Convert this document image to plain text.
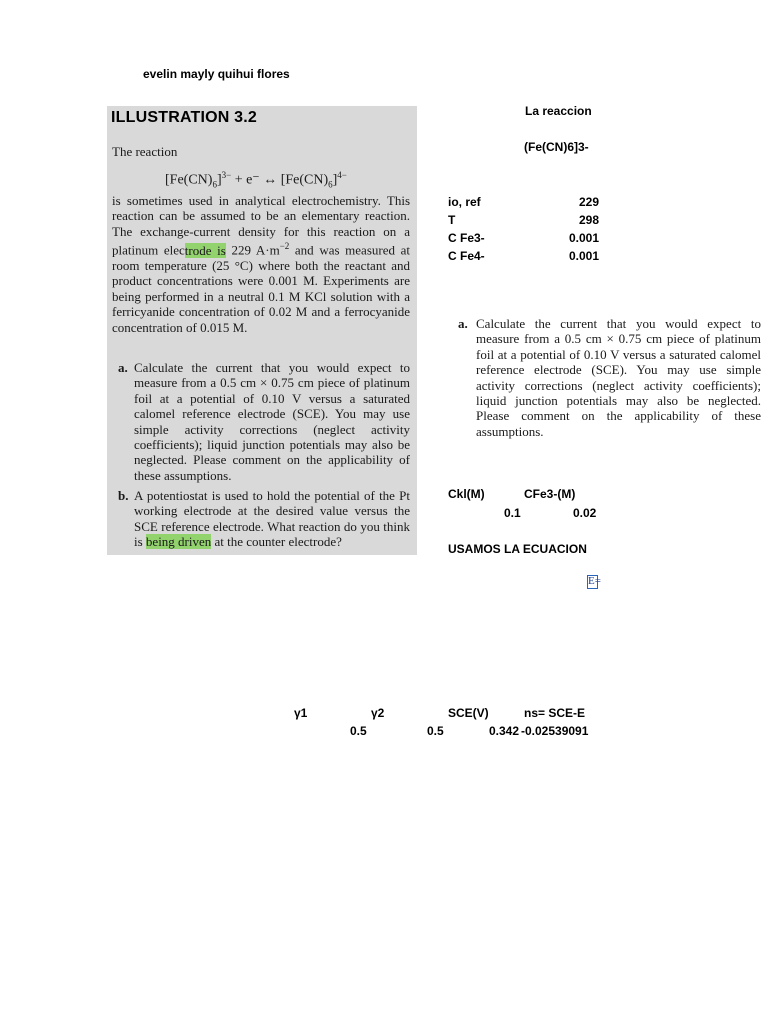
evelin mayly quihui flores
ILLUSTRATION 3.2
The reaction
$[Fe(CN)_6]^{3-} + e^-$ ↔ $[Fe(CN)_6]^{4-}$
is sometimes used in analytical electrochemistry. This reaction can be assumed to be an elementary reaction. The exchange-current density for this reaction on a platinum electrode is 229 $A\cdot m^{-2}$ and was measured at room temperature (25 °C) where both the reactant and product concentrations were 0.001 M. Experiments are being performed in a neutral 0.1 M KCl solution with a ferricyanide concentration of 0.02 M and a ferrocyanide concentration of 0.015 M.
a. Calculate the current that you would expect to measure from a 0.5 cm × 0.75 cm piece of platinum foil at a potential of 0.10 V versus a saturated calomel reference electrode (SCE). You may use simple activity corrections (neglect activity coefficients); liquid junction potentials may also be neglected. Please comment on the applicability of these assumptions.
b. A potentiostat is used to hold the potential of the Pt working electrode at the desired value versus the SCE reference electrode. What reaction do you think is being driven at the counter electrode?
La reaccion
(Fe(CN)6]3-
io, ref	229
T	298
C Fe3-	0.001
C Fe4-	0.001
a. Calculate the current that you would expect to measure from a 0.5 cm × 0.75 cm piece of platinum foil at a potential of 0.10 V versus a saturated calomel reference electrode (SCE). You may use simple activity corrections (neglect activity coefficients); liquid junction potentials may also be neglected. Please comment on the applicability of these assumptions.
Ckl(M)	CFe3-(M)
0.1	0.02
USAMOS LA ECUACION
E=
γ1	γ2	SCE(V)	ns= SCE-E
0.5	0.5	0.342 -0.02539091
